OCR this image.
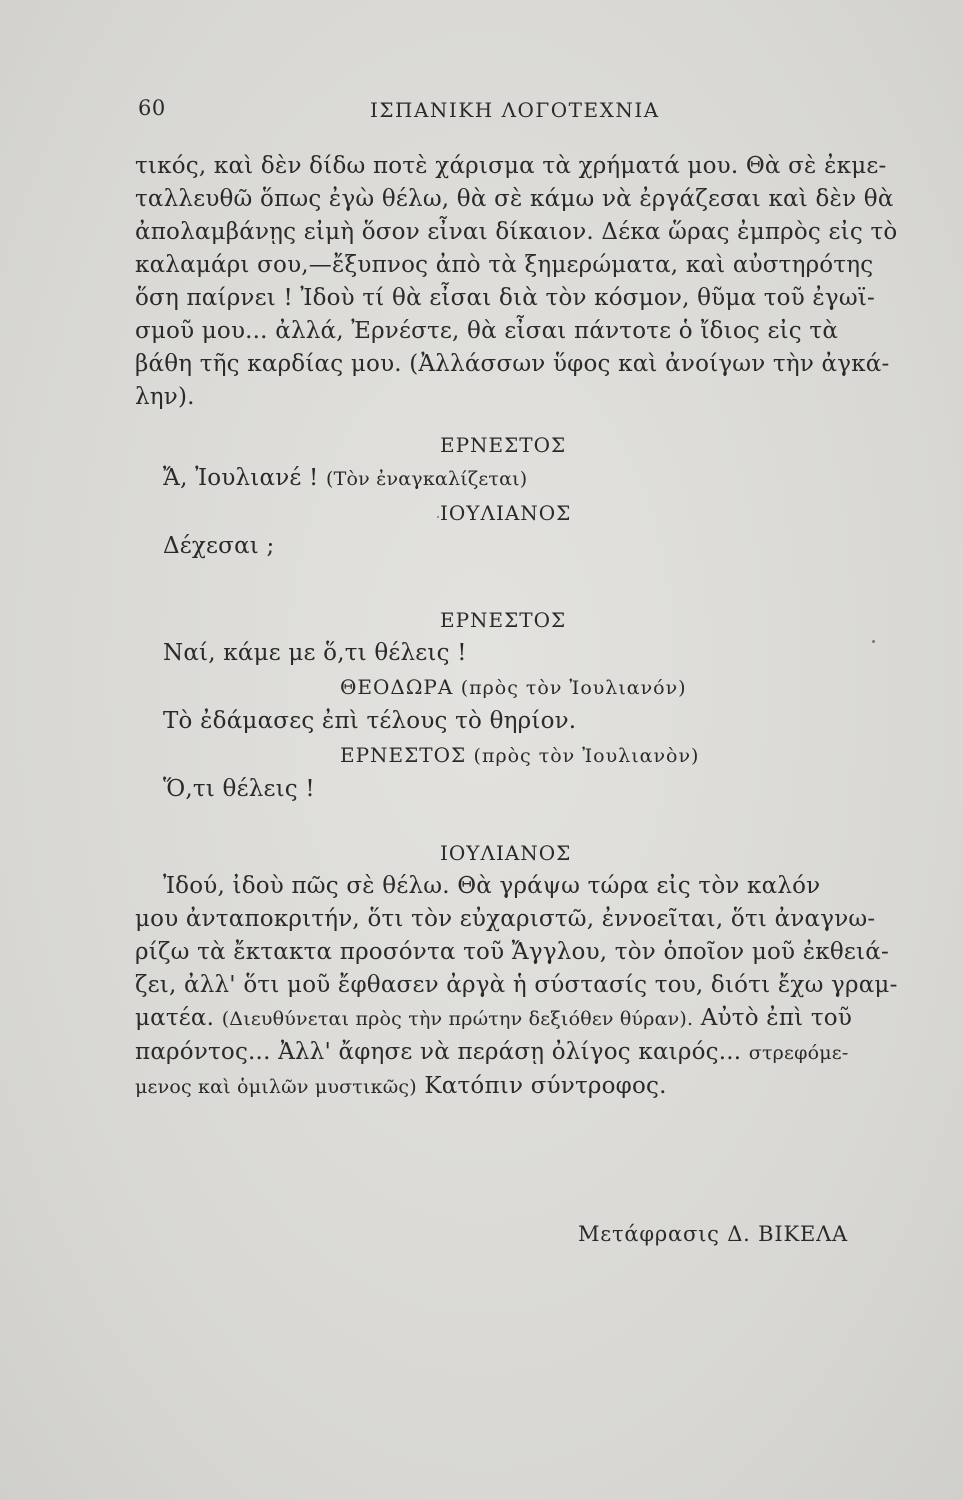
60	ΙΣΠΑΝΙΚΗ ΛΟΓΟΤΕΧΝΙΑ
τικός, καὶ δὲν δίδω ποτὲ χάρισμα τὰ χρήματά μου. Θὰ σὲ ἐκμε-
ταλλευθῶ ὅπως ἐγὼ θέλω, θὰ σὲ κάμω νὰ ἐργάζεσαι καὶ δὲν θὰ
ἀπολαμβάνῃς εἰμὴ ὅσον εἶναι δίκαιον. Δέκα ὥρας ἐμπρὸς εἰς τὸ
καλαμάρι σου,—ἔξυπνος ἀπὸ τὰ ξημερώματα, καὶ αὐστηρότης
ὅση παίρνει ! Ἰδοὺ τί θὰ εἶσαι διὰ τὸν κόσμον, θῦμα τοῦ ἐγωϊ-
σμοῦ μου... ἀλλά, Ἐρνέστε, θὰ εἶσαι πάντοτε ὁ ἴδιος εἰς τὰ
βάθη τῆς καρδίας μου. (Ἀλλάσσων ὕφος καὶ ἀνοίγων τὴν ἀγκά-
λην).
ΕΡΝΕΣΤΟΣ
Ἄ, Ἰουλιανέ ! (Τὸν ἐναγκαλίζεται)
ΙΟΥΛΙΑΝΟΣ
Δέχεσαι ;
ΕΡΝΕΣΤΟΣ
Ναί, κάμε με ὅ,τι θέλεις !
ΘΕΟΔΩΡΑ (πρὸς τὸν Ἰουλιανόν)
Τὸ ἐδάμασες ἐπὶ τέλους τὸ θηρίον.
ΕΡΝΕΣΤΟΣ (πρὸς τὸν Ἰουλιανὸν)
Ὅ,τι θέλεις !
ΙΟΥΛΙΑΝΟΣ
Ἰδού, ἰδοὺ πῶς σὲ θέλω. Θὰ γράψω τώρα εἰς τὸν καλόν
μου ἀνταποκριτήν, ὅτι τὸν εὐχαριστῶ, ἐννοεῖται, ὅτι ἀναγνω-
ρίζω τὰ ἔκτακτα προσόντα τοῦ Ἄγγλου, τὸν ὁποῖον μοῦ ἐκθειά-
ζει, ἀλλ' ὅτι μοῦ ἔφθασεν ἀργὰ ἡ σύστασίς του, διότι ἔχω γραμ-
ματέα. (Διευθύνεται πρὸς τὴν πρώτην δεξιόθεν θύραν). Αὐτὸ ἐπὶ τοῦ
παρόντος... Ἀλλ' ἄφησε νὰ περάσῃ ὀλίγος καιρός... στρεφόμε-
μενος καὶ ὁμιλῶν μυστικῶς) Κατόπιν σύντροφος.
Μετάφρασις Δ. ΒΙΚΕΛΑ
